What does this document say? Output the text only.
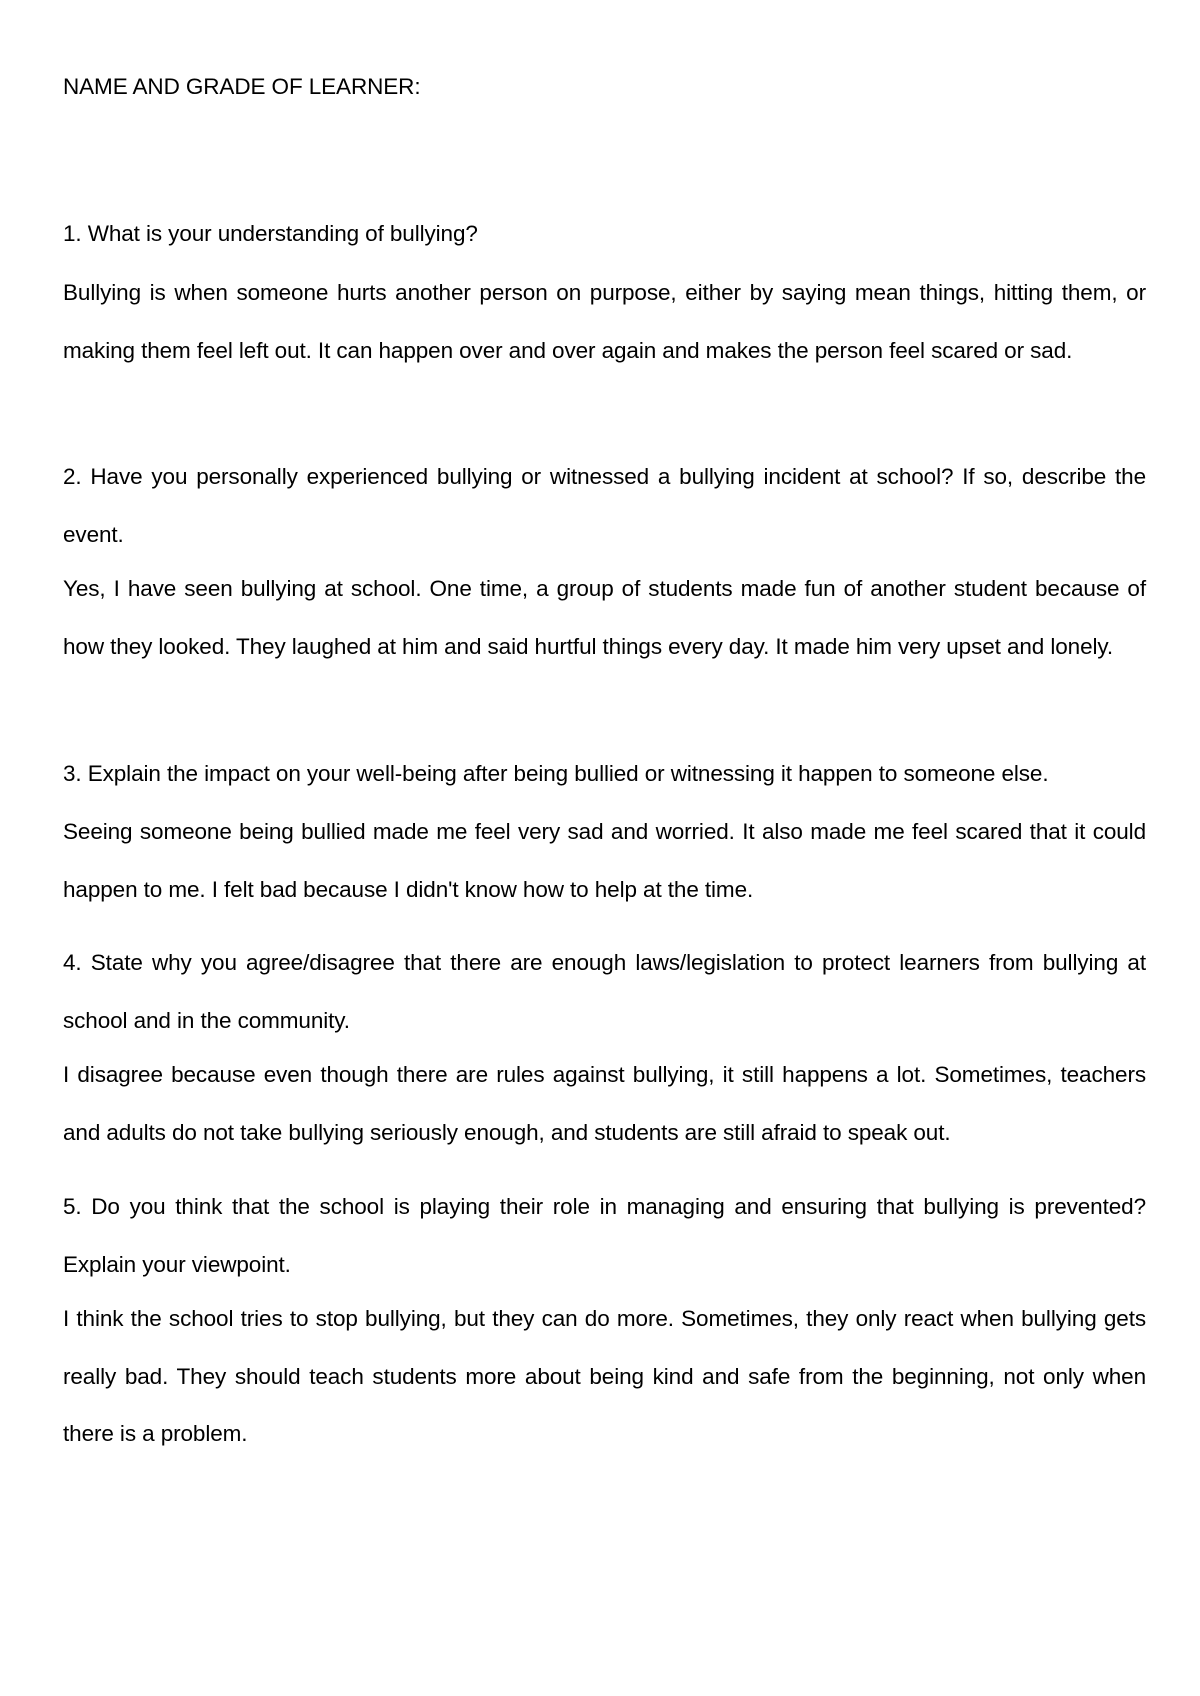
NAME AND GRADE OF LEARNER:

1. What is your understanding of bullying?

Bullying is when someone hurts another person on purpose, either by saying mean things, hitting them, or making them feel left out. It can happen over and over again and makes the person feel scared or sad.

2. Have you personally experienced bullying or witnessed a bullying incident at school? If so, describe the event.

Yes, I have seen bullying at school. One time, a group of students made fun of another student because of how they looked. They laughed at him and said hurtful things every day. It made him very upset and lonely.

3. Explain the impact on your well-being after being bullied or witnessing it happen to someone else.

Seeing someone being bullied made me feel very sad and worried. It also made me feel scared that it could happen to me. I felt bad because I didn't know how to help at the time.

4. State why you agree/disagree that there are enough laws/legislation to protect learners from bullying at school and in the community.

I disagree because even though there are rules against bullying, it still happens a lot. Sometimes, teachers and adults do not take bullying seriously enough, and students are still afraid to speak out.

5. Do you think that the school is playing their role in managing and ensuring that bullying is prevented? Explain your viewpoint.

I think the school tries to stop bullying, but they can do more. Sometimes, they only react when bullying gets really bad. They should teach students more about being kind and safe from the beginning, not only when there is a problem.
